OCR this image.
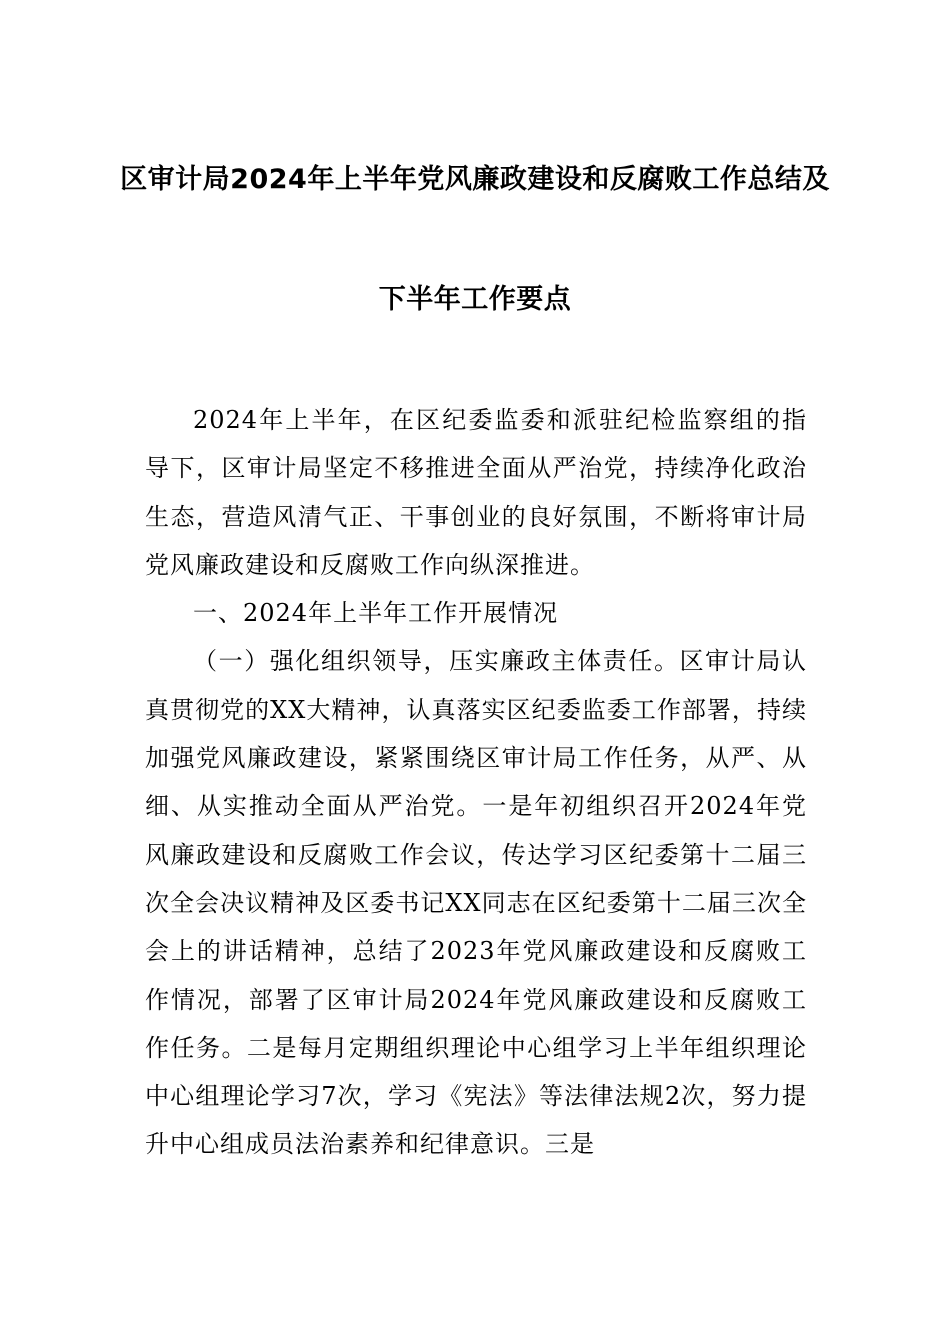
区审计局2024年上半年党风廉政建设和反腐败工作总结及
下半年工作要点

2024年上半年，在区纪委监委和派驻纪检监察组的指导下，区审计局坚定不移推进全面从严治党，持续净化政治生态，营造风清气正、干事创业的良好氛围，不断将审计局党风廉政建设和反腐败工作向纵深推进。

一、2024年上半年工作开展情况

（一）强化组织领导，压实廉政主体责任。区审计局认真贯彻党的XX大精神，认真落实区纪委监委工作部署，持续加强党风廉政建设，紧紧围绕区审计局工作任务，从严、从细、从实推动全面从严治党。一是年初组织召开2024年党风廉政建设和反腐败工作会议，传达学习区纪委第十二届三次全会决议精神及区委书记XX同志在区纪委第十二届三次全会上的讲话精神，总结了2023年党风廉政建设和反腐败工作情况，部署了区审计局2024年党风廉政建设和反腐败工作任务。二是每月定期组织理论中心组学习上半年组织理论中心组理论学习7次，学习《宪法》等法律法规2次，努力提升中心组成员法治素养和纪律意识。三是
